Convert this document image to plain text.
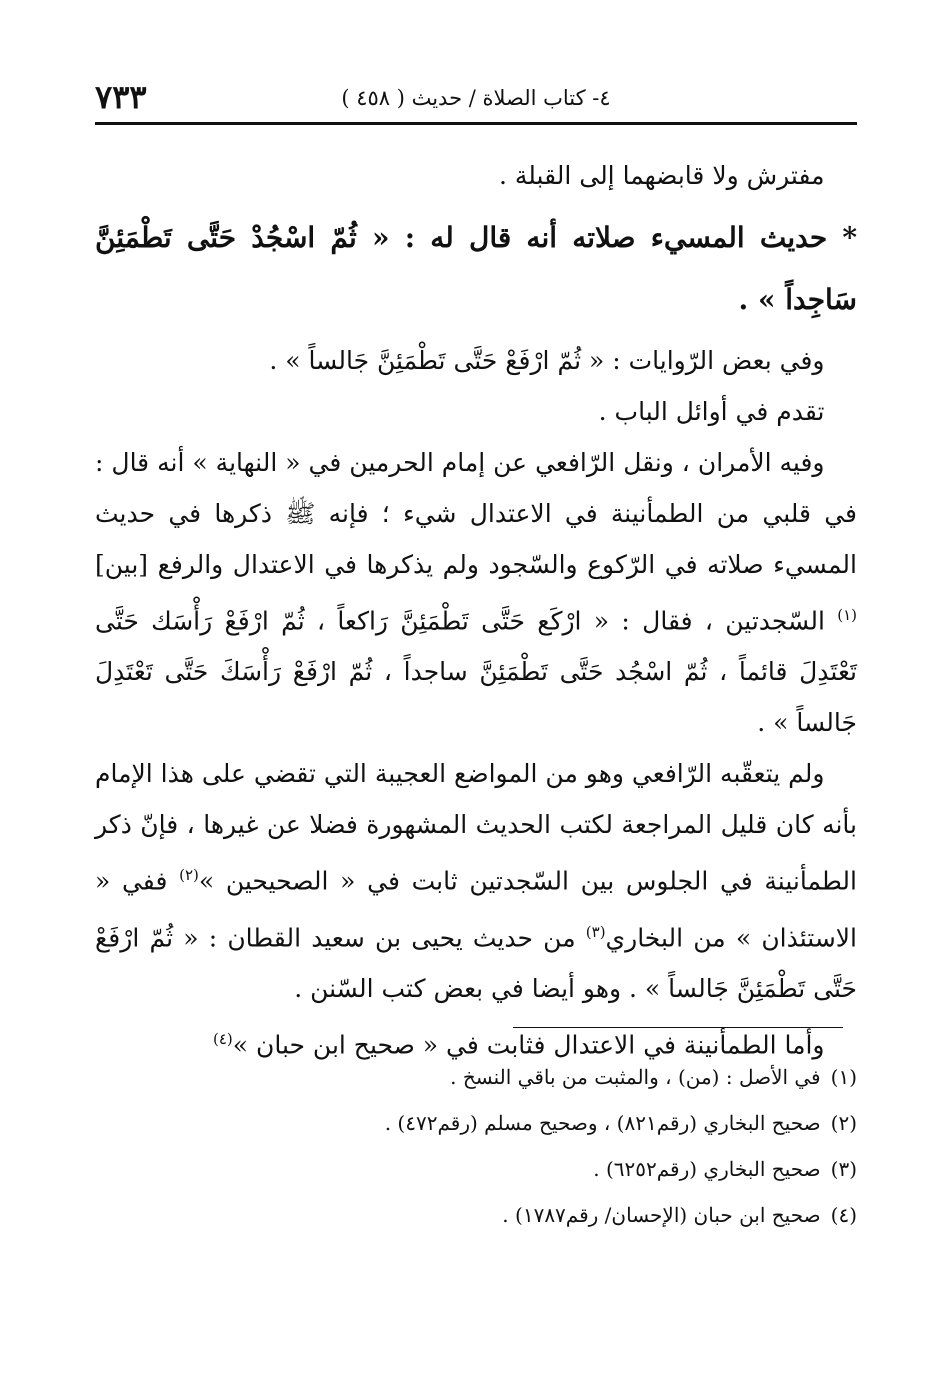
٧٣٣	٤- كتاب الصلاة / حديث ( ٤٥٨ )

مفترش ولا قابضهما إلى القبلة .

* حديث المسيء صلاته أنه قال له : « ثُمّ اسْجُدْ حَتَّى تَطْمَئِنَّ سَاجِداً » .

وفي بعض الرّوايات : « ثُمّ ارْفَعْ حَتَّى تَطْمَئِنَّ جَالساً » .

تقدم في أوائل الباب .

وفيه الأمران ، ونقل الرّافعي عن إمام الحرمين في « النهاية » أنه قال : في قلبي من الطمأنينة في الاعتدال شيء ؛ فإنه ﷺ ذكرها في حديث المسيء صلاته في الرّكوع والسّجود ولم يذكرها في الاعتدال والرفع [بين]$^{(١)}$ السّجدتين ، فقال : « ارْكَع حَتَّى تَطْمَئِنَّ رَاكعاً ، ثُمّ ارْفَعْ رَأْسَك حَتَّى تَعْتَدِلَ قائماً ، ثُمّ اسْجُد حَتَّى تَطْمَئِنَّ ساجداً ، ثُمّ ارْفَعْ رَأْسَكَ حَتَّى تَعْتَدِلَ جَالساً » .

ولم يتعقّبه الرّافعي وهو من المواضع العجيبة التي تقضي على هذا الإمام بأنه كان قليل المراجعة لكتب الحديث المشهورة فضلا عن غيرها ، فإنّ ذكر الطمأنينة في الجلوس بين السّجدتين ثابت في « الصحيحين »$^{(٢)}$ ففي « الاستئذان » من البخاري$^{(٣)}$ من حديث يحيى بن سعيد القطان : « ثُمّ ارْفَعْ حَتَّى تَطْمَئِنَّ جَالساً » . وهو أيضا في بعض كتب السّنن .

وأما الطمأنينة في الاعتدال فثابت في « صحيح ابن حبان »$^{(٤)}$

(١)في الأصل : (من) ، والمثبت من باقي النسخ .

(٢)صحيح البخاري (رقم٨٢١) ، وصحيح مسلم (رقم٤٧٢) .

(٣)صحيح البخاري (رقم٦٢٥٢) .

(٤)صحيح ابن حبان (الإحسان/ رقم١٧٨٧) .
